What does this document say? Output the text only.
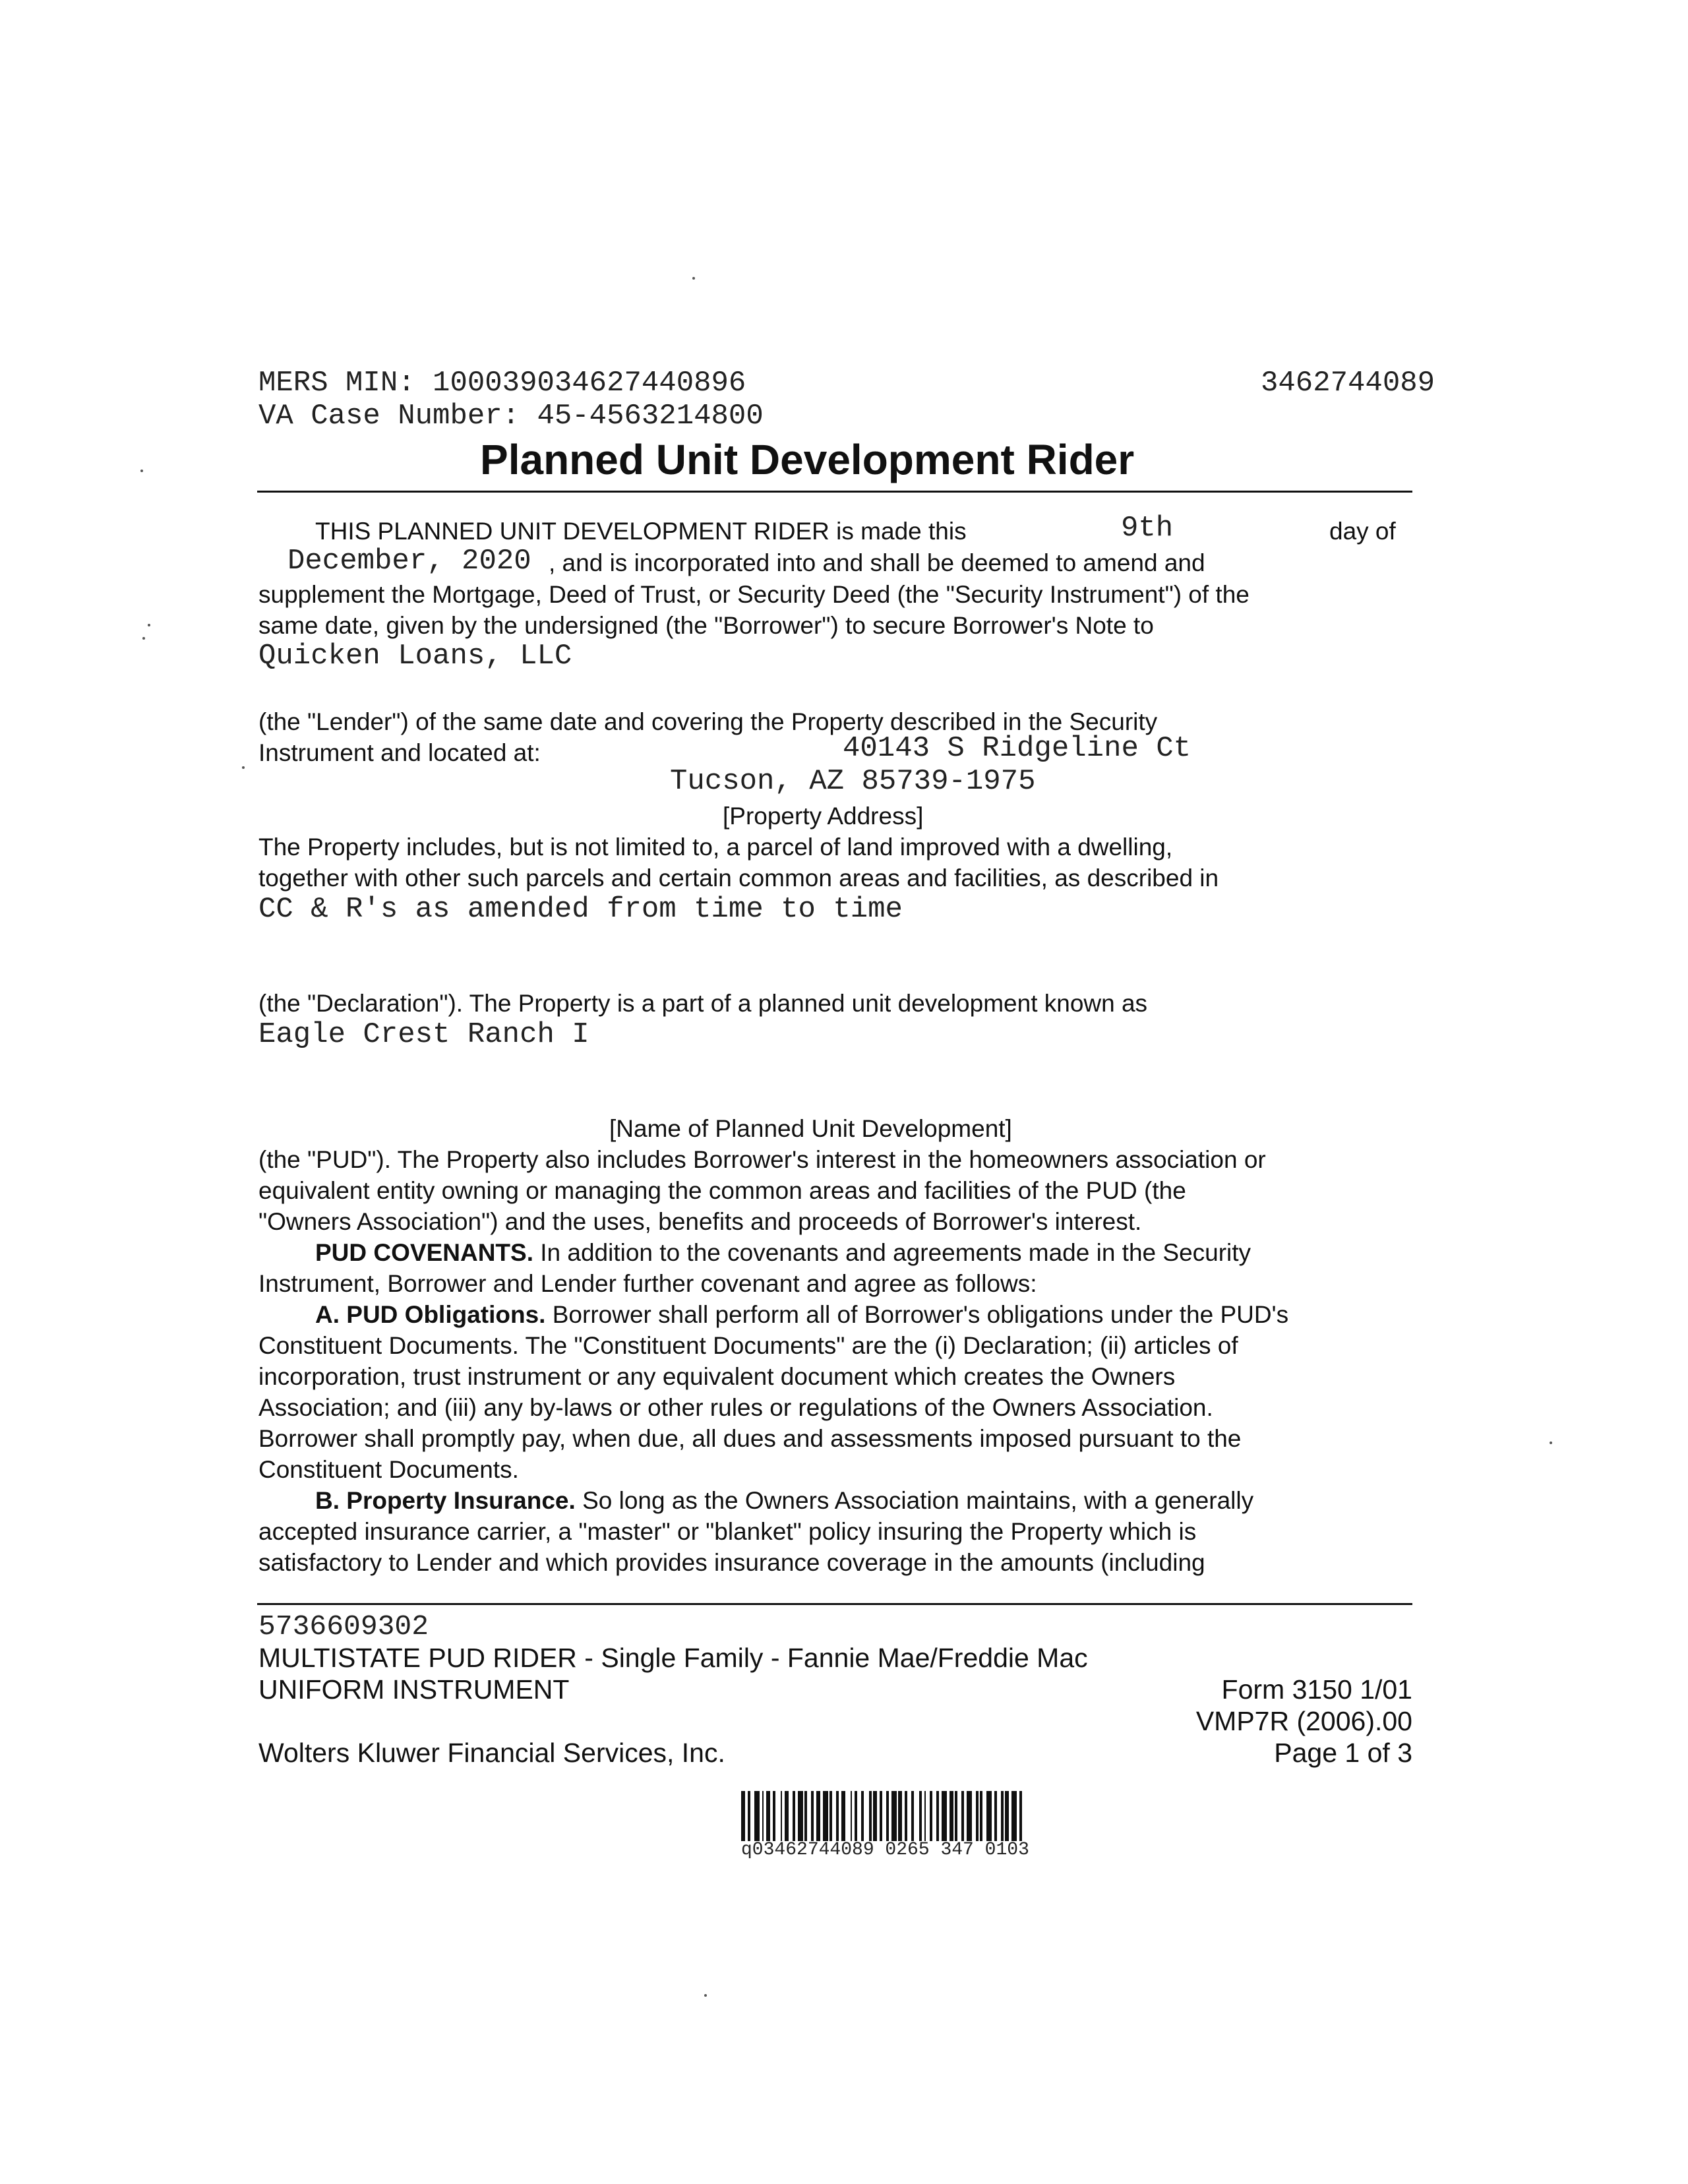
MERS MIN: 100039034627440896
VA Case Number: 45-4563214800
3462744089
Planned Unit Development Rider
THIS PLANNED UNIT DEVELOPMENT RIDER is made this	9th	day of
December, 2020 , and is incorporated into and shall be deemed to amend and
supplement the Mortgage, Deed of Trust, or Security Deed (the "Security Instrument") of the
same date, given by the undersigned (the "Borrower") to secure Borrower's Note to
Quicken Loans, LLC
(the "Lender") of the same date and covering the Property described in the Security
Instrument and located at:	40143 S Ridgeline Ct
Tucson, AZ 85739-1975
[Property Address]
The Property includes, but is not limited to, a parcel of land improved with a dwelling,
together with other such parcels and certain common areas and facilities, as described in
CC & R's as amended from time to time
(the "Declaration"). The Property is a part of a planned unit development known as
Eagle Crest Ranch I
[Name of Planned Unit Development]
(the "PUD"). The Property also includes Borrower's interest in the homeowners association or
equivalent entity owning or managing the common areas and facilities of the PUD (the
"Owners Association") and the uses, benefits and proceeds of Borrower's interest.
PUD COVENANTS. In addition to the covenants and agreements made in the Security
Instrument, Borrower and Lender further covenant and agree as follows:
A. PUD Obligations. Borrower shall perform all of Borrower's obligations under the PUD's
Constituent Documents. The "Constituent Documents" are the (i) Declaration; (ii) articles of
incorporation, trust instrument or any equivalent document which creates the Owners
Association; and (iii) any by-laws or other rules or regulations of the Owners Association.
Borrower shall promptly pay, when due, all dues and assessments imposed pursuant to the
Constituent Documents.
B. Property Insurance. So long as the Owners Association maintains, with a generally
accepted insurance carrier, a "master" or "blanket" policy insuring the Property which is
satisfactory to Lender and which provides insurance coverage in the amounts (including
5736609302
MULTISTATE PUD RIDER - Single Family - Fannie Mae/Freddie Mac
UNIFORM INSTRUMENT	Form 3150 1/01
VMP7R (2006).00
Wolters Kluwer Financial Services, Inc.	Page 1 of 3
q03462744089 0265 347 0103
